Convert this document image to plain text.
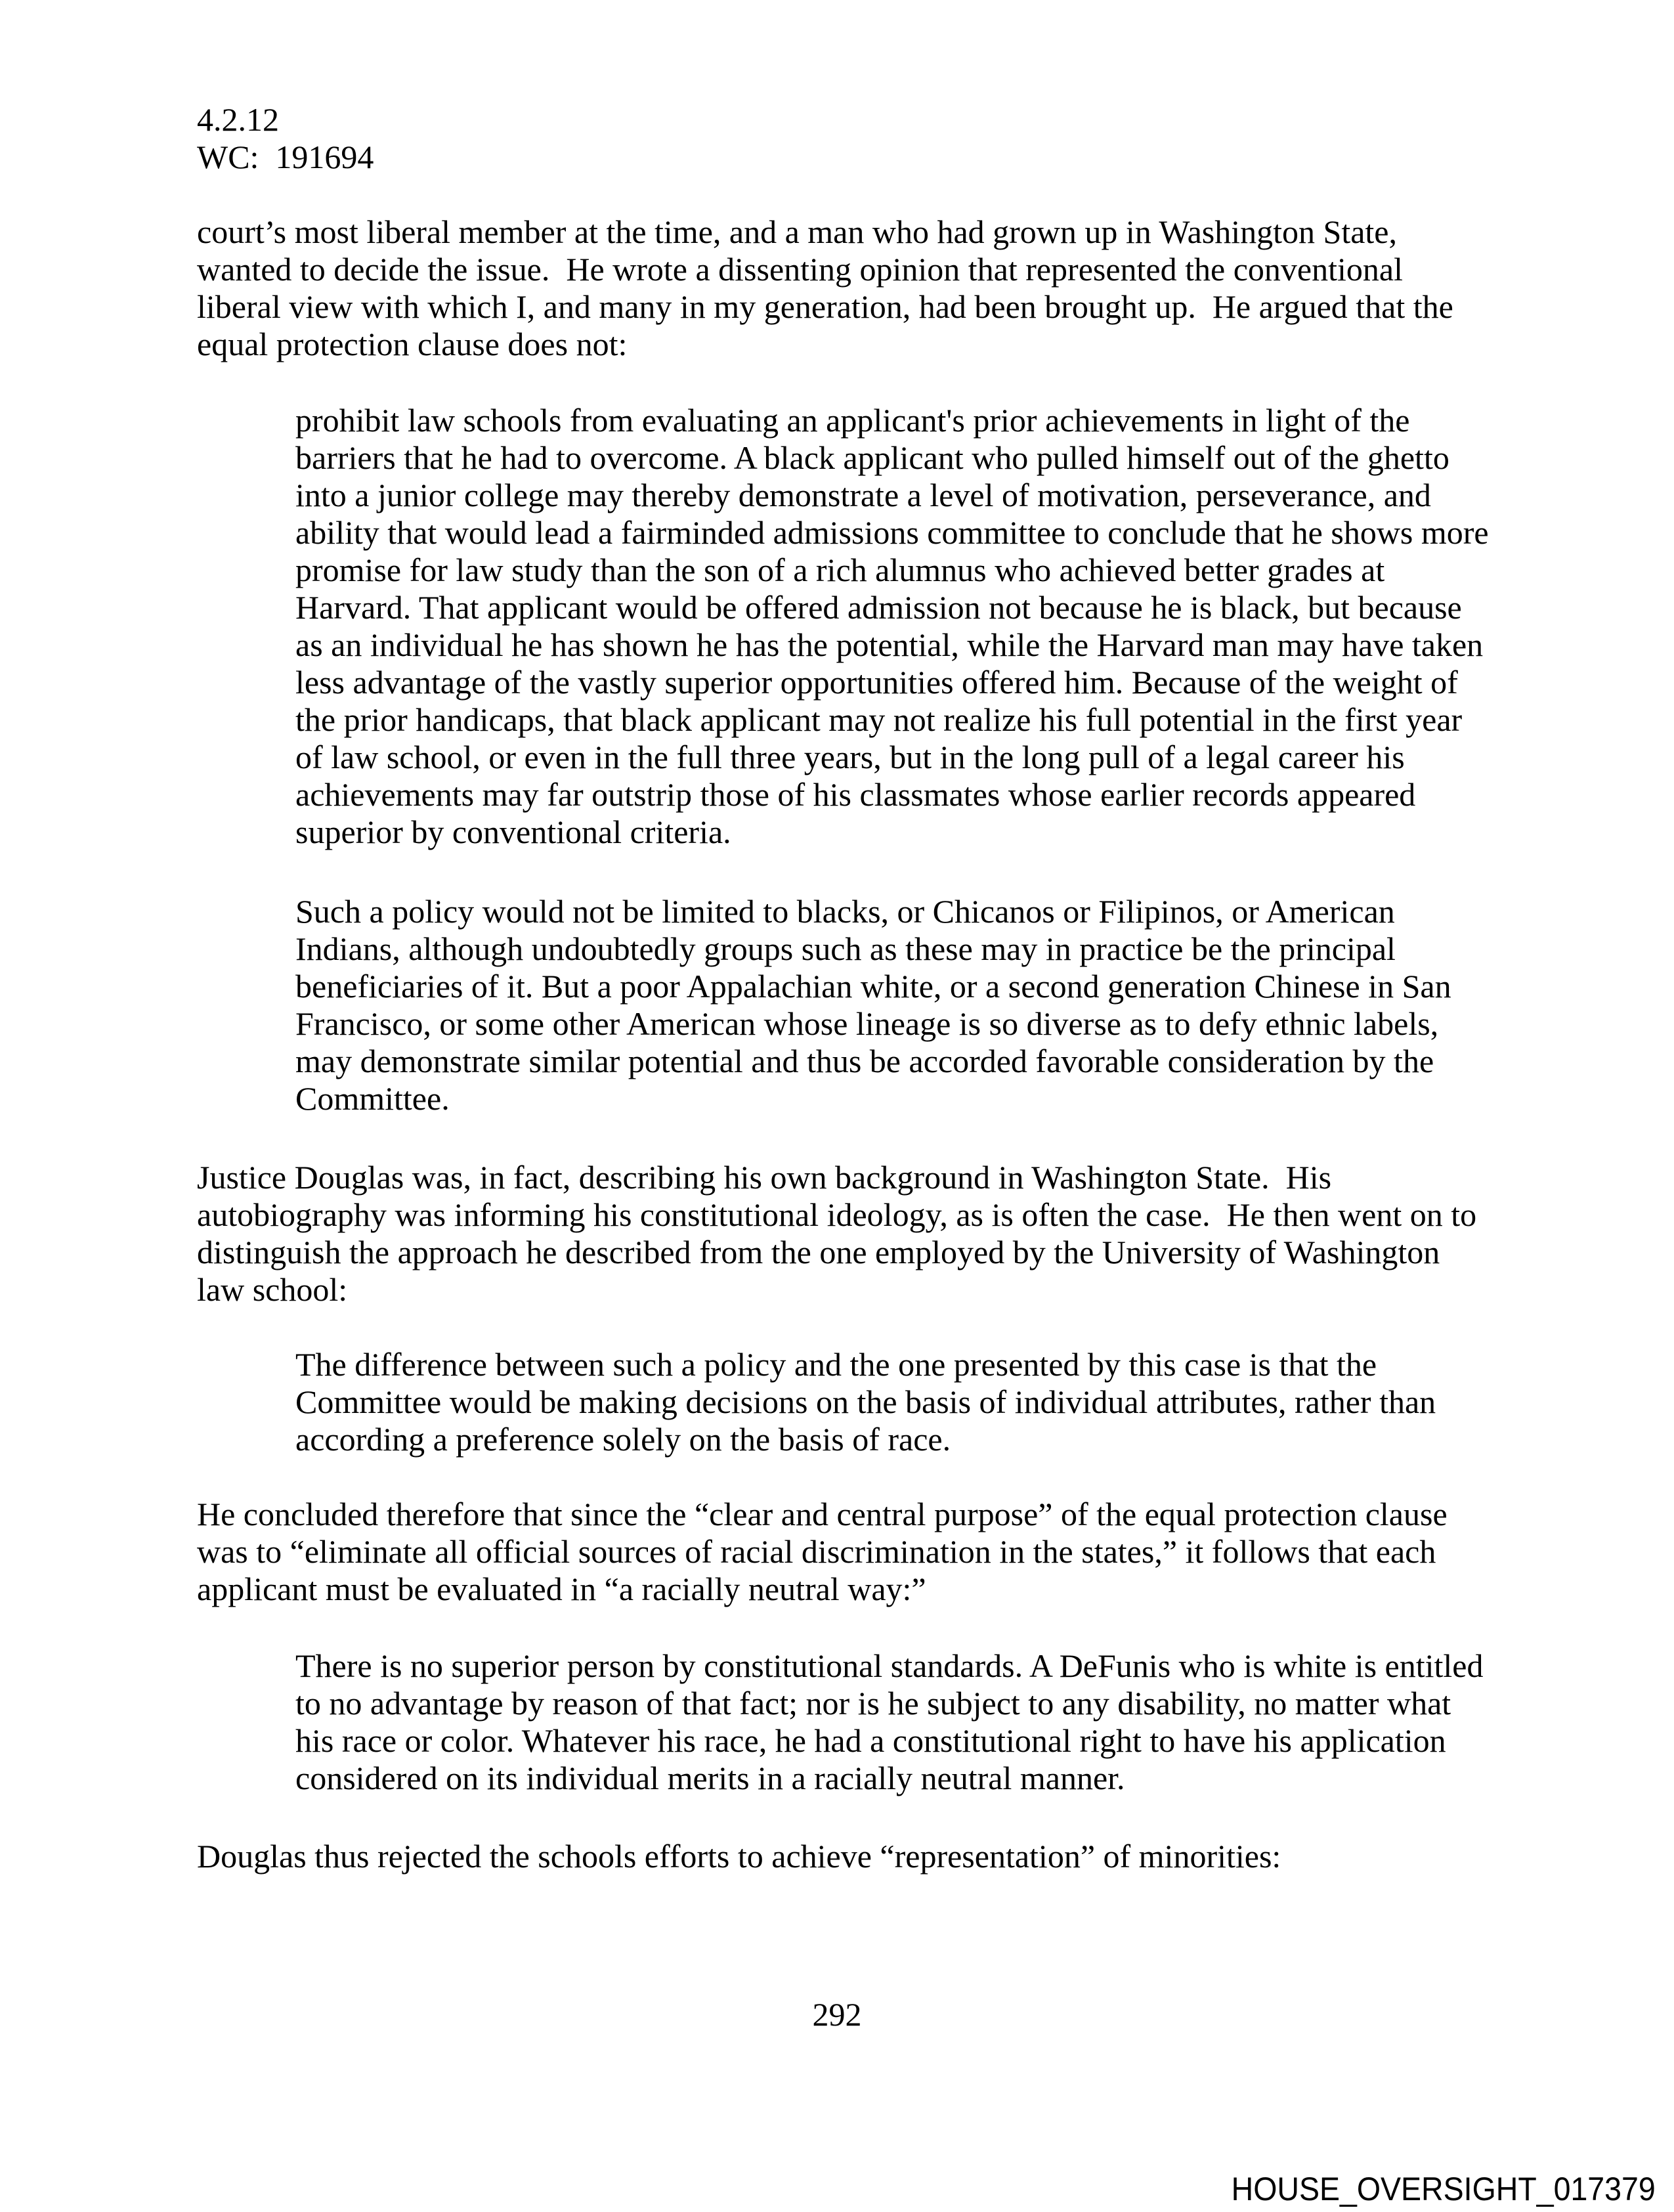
4.2.12
WC:  191694
court’s most liberal member at the time, and a man who had grown up in Washington State,
wanted to decide the issue.  He wrote a dissenting opinion that represented the conventional
liberal view with which I, and many in my generation, had been brought up.  He argued that the
equal protection clause does not:
prohibit law schools from evaluating an applicant's prior achievements in light of the
barriers that he had to overcome. A black applicant who pulled himself out of the ghetto
into a junior college may thereby demonstrate a level of motivation, perseverance, and
ability that would lead a fairminded admissions committee to conclude that he shows more
promise for law study than the son of a rich alumnus who achieved better grades at
Harvard. That applicant would be offered admission not because he is black, but because
as an individual he has shown he has the potential, while the Harvard man may have taken
less advantage of the vastly superior opportunities offered him. Because of the weight of
the prior handicaps, that black applicant may not realize his full potential in the first year
of law school, or even in the full three years, but in the long pull of a legal career his
achievements may far outstrip those of his classmates whose earlier records appeared
superior by conventional criteria.
Such a policy would not be limited to blacks, or Chicanos or Filipinos, or American
Indians, although undoubtedly groups such as these may in practice be the principal
beneficiaries of it. But a poor Appalachian white, or a second generation Chinese in San
Francisco, or some other American whose lineage is so diverse as to defy ethnic labels,
may demonstrate similar potential and thus be accorded favorable consideration by the
Committee.
Justice Douglas was, in fact, describing his own background in Washington State.  His
autobiography was informing his constitutional ideology, as is often the case.  He then went on to
distinguish the approach he described from the one employed by the University of Washington
law school:
The difference between such a policy and the one presented by this case is that the
Committee would be making decisions on the basis of individual attributes, rather than
according a preference solely on the basis of race.
He concluded therefore that since the “clear and central purpose” of the equal protection clause
was to “eliminate all official sources of racial discrimination in the states,” it follows that each
applicant must be evaluated in “a racially neutral way:”
There is no superior person by constitutional standards. A DeFunis who is white is entitled
to no advantage by reason of that fact; nor is he subject to any disability, no matter what
his race or color. Whatever his race, he had a constitutional right to have his application
considered on its individual merits in a racially neutral manner.
Douglas thus rejected the schools efforts to achieve “representation” of minorities:
292
HOUSE_OVERSIGHT_017379
